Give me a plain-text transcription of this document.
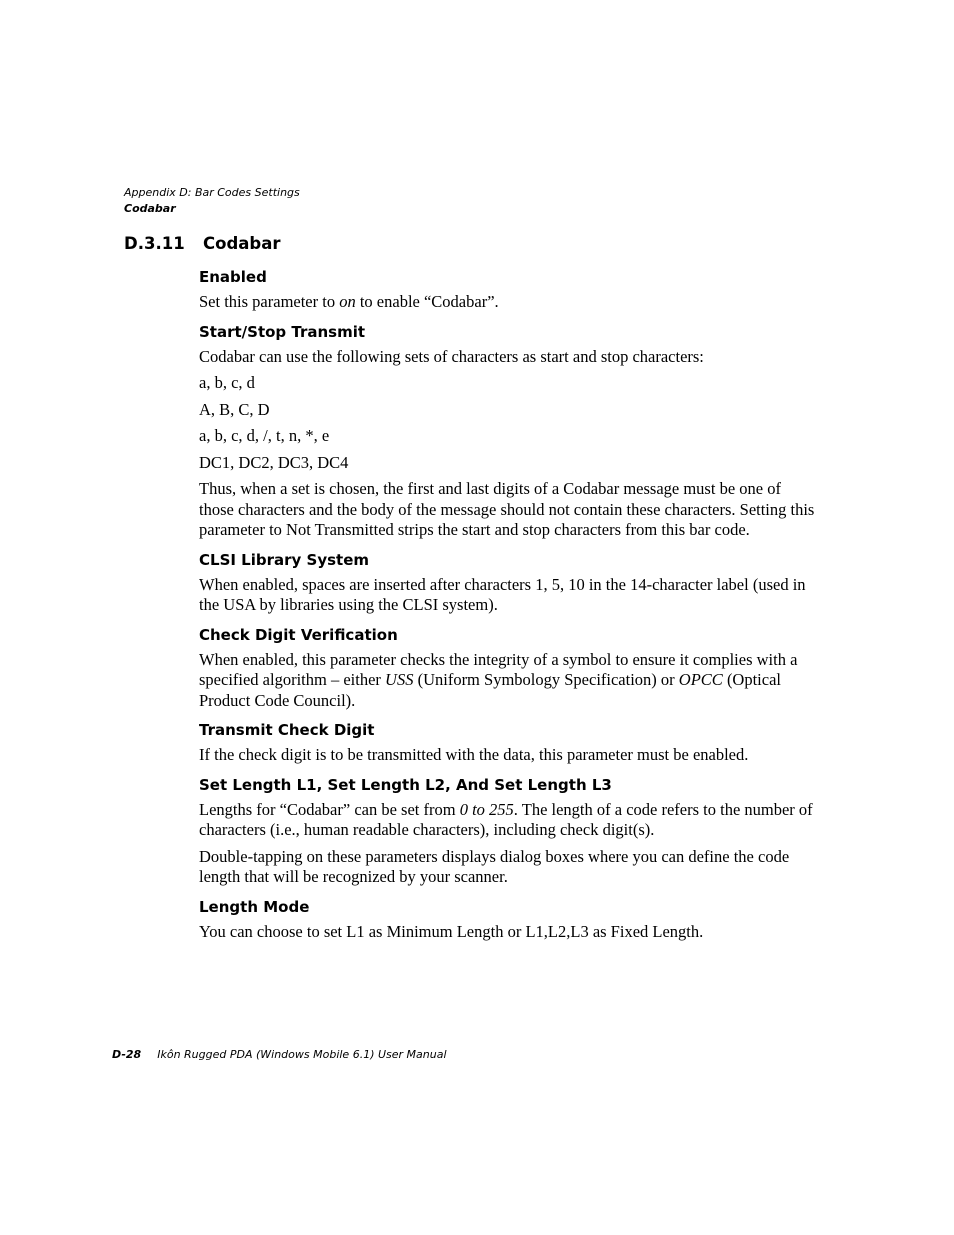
Appendix D: Bar Codes Settings
Codabar
D.3.11 Codabar
Enabled

Set this parameter to on to enable “Codabar”.

Start/Stop Transmit

Codabar can use the following sets of characters as start and stop characters:

a, b, c, d

A, B, C, D

a, b, c, d, /, t, n, *, e

DC1, DC2, DC3, DC4

Thus, when a set is chosen, the first and last digits of a Codabar message must be one of those characters and the body of the message should not contain these characters. Setting this parameter to Not Transmitted strips the start and stop characters from this bar code.

CLSI Library System

When enabled, spaces are inserted after characters 1, 5, 10 in the 14-character label (used in the USA by libraries using the CLSI system).

Check Digit Verification

When enabled, this parameter checks the integrity of a symbol to ensure it complies with a specified algorithm – either USS (Uniform Symbology Specification) or OPCC (Optical Product Code Council).

Transmit Check Digit

If the check digit is to be transmitted with the data, this parameter must be enabled.

Set Length L1, Set Length L2, And Set Length L3

Lengths for “Codabar” can be set from 0 to 255. The length of a code refers to the number of characters (i.e., human readable characters), including check digit(s).

Double-tapping on these parameters displays dialog boxes where you can define the code length that will be recognized by your scanner.

Length Mode

You can choose to set L1 as Minimum Length or L1,L2,L3 as Fixed Length.

D-28 Ikôn Rugged PDA (Windows Mobile 6.1) User Manual
